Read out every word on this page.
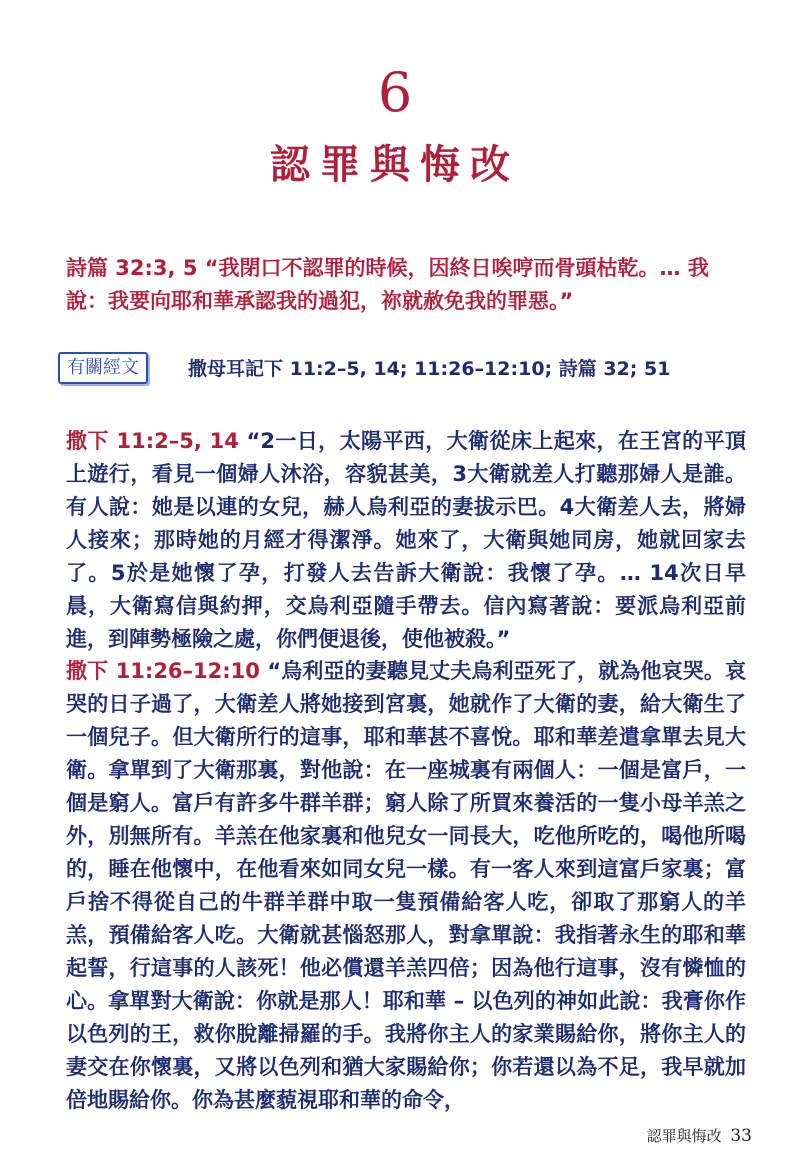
6
認罪與悔改

詩篇 32:3, 5 “我閉口不認罪的時候，因終日唉哼而骨頭枯乾。… 我說：我要向耶和華承認我的過犯，祢就赦免我的罪惡。”

有關經文	撒母耳記下 11:2–5, 14; 11:26–12:10; 詩篇 32; 51

撒下 11:2–5, 14 “2一日，太陽平西，大衛從床上起來，在王宮的平頂上遊行，看見一個婦人沐浴，容貌甚美，3大衛就差人打聽那婦人是誰。有人說：她是以連的女兒，赫人烏利亞的妻拔示巴。4大衛差人去，將婦人接來；那時她的月經才得潔淨。她來了，大衛與她同房，她就回家去了。5於是她懷了孕，打發人去告訴大衛說：我懷了孕。… 14次日早晨，大衛寫信與約押，交烏利亞隨手帶去。信內寫著說：要派烏利亞前進，到陣勢極險之處，你們便退後，使他被殺。”

撒下 11:26–12:10 “烏利亞的妻聽見丈夫烏利亞死了，就為他哀哭。哀哭的日子過了，大衛差人將她接到宮裏，她就作了大衛的妻，給大衛生了一個兒子。但大衛所行的這事，耶和華甚不喜悅。耶和華差遣拿單去見大衛。拿單到了大衛那裏，對他說：在一座城裏有兩個人：一個是富戶，一個是窮人。富戶有許多牛群羊群；窮人除了所買來養活的一隻小母羊羔之外，別無所有。羊羔在他家裏和他兒女一同長大，吃他所吃的，喝他所喝的，睡在他懷中，在他看來如同女兒一樣。有一客人來到這富戶家裏；富戶捨不得從自己的牛群羊群中取一隻預備給客人吃，卻取了那窮人的羊羔，預備給客人吃。大衛就甚惱怒那人，對拿單說：我指著永生的耶和華起誓，行這事的人該死！他必償還羊羔四倍；因為他行這事，沒有憐恤的心。拿單對大衛說：你就是那人！耶和華 – 以色列的神如此說：我膏你作以色列的王，救你脫離掃羅的手。我將你主人的家業賜給你，將你主人的妻交在你懷裏，又將以色列和猶大家賜給你；你若還以為不足，我早就加倍地賜給你。你為甚麼藐視耶和華的命令，

認罪與悔改 33
